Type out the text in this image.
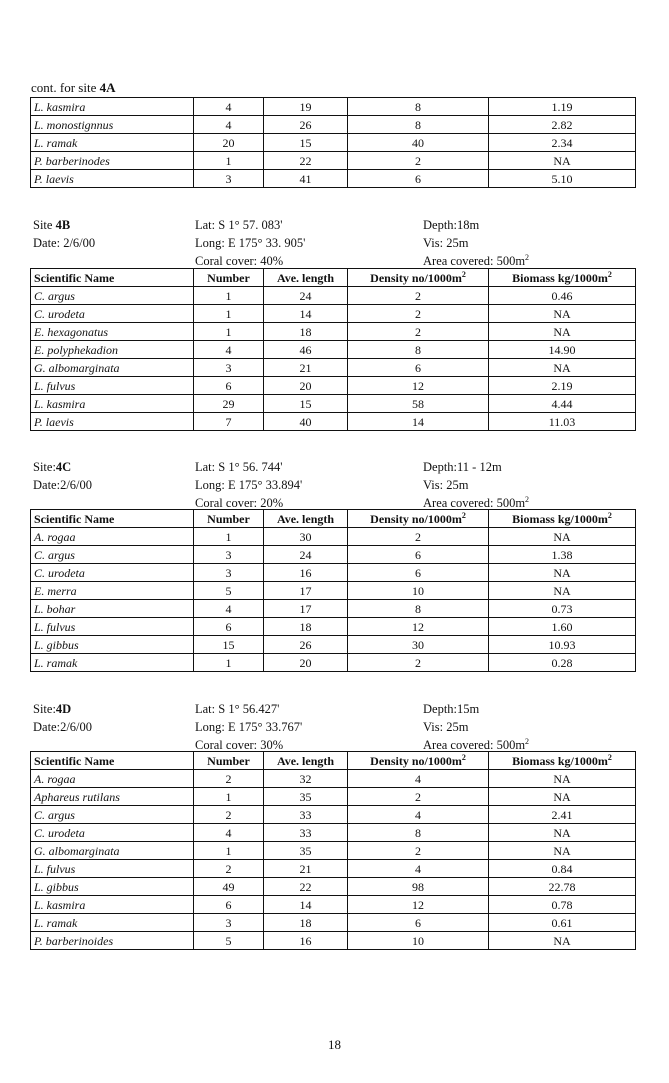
cont. for site 4A
L. kasmira	4	19	8	1.19
L. monostignnus	4	26	8	2.82
L. ramak	20	15	40	2.34
P. barberinodes	1	22	2	NA
P. laevis	3	41	6	5.10
Site 4B
Date: 2/6/00
Lat: S 1° 57. 083'
Long: E 175° 33. 905'
Coral cover: 40%
Depth:18m
Vis: 25m
Area covered: $500m^2$
Scientific Name	Number	Ave. length	Density $no/1000m^2$	Biomass $kg/1000m^2$
C. argus	1	24	2	0.46
C. urodeta	1	14	2	NA
E. hexagonatus	1	18	2	NA
E. polyphekadion	4	46	8	14.90
G. albomarginata	3	21	6	NA
L. fulvus	6	20	12	2.19
L. kasmira	29	15	58	4.44
P. laevis	7	40	14	11.03
Site:4C
Date:2/6/00
Lat: S 1° 56. 744'
Long: E 175° 33.894'
Coral cover: 20%
Depth:11 - 12m
Vis: 25m
Area covered: $500m^2$
Scientific Name	Number	Ave. length	Density $no/1000m^2$	Biomass $kg/1000m^2$
A. rogaa	1	30	2	NA
C. argus	3	24	6	1.38
C. urodeta	3	16	6	NA
E. merra	5	17	10	NA
L. bohar	4	17	8	0.73
L. fulvus	6	18	12	1.60
L. gibbus	15	26	30	10.93
L. ramak	1	20	2	0.28
Site:4D
Date:2/6/00
Lat: S 1° 56.427'
Long: E 175° 33.767'
Coral cover: 30%
Depth:15m
Vis: 25m
Area covered: $500m^2$
Scientific Name	Number	Ave. length	Density $no/1000m^2$	Biomass $kg/1000m^2$
A. rogaa	2	32	4	NA
Aphareus rutilans	1	35	2	NA
C. argus	2	33	4	2.41
C. urodeta	4	33	8	NA
G. albomarginata	1	35	2	NA
L. fulvus	2	21	4	0.84
L. gibbus	49	22	98	22.78
L. kasmira	6	14	12	0.78
L. ramak	3	18	6	0.61
P. barberinoides	5	16	10	NA
18
